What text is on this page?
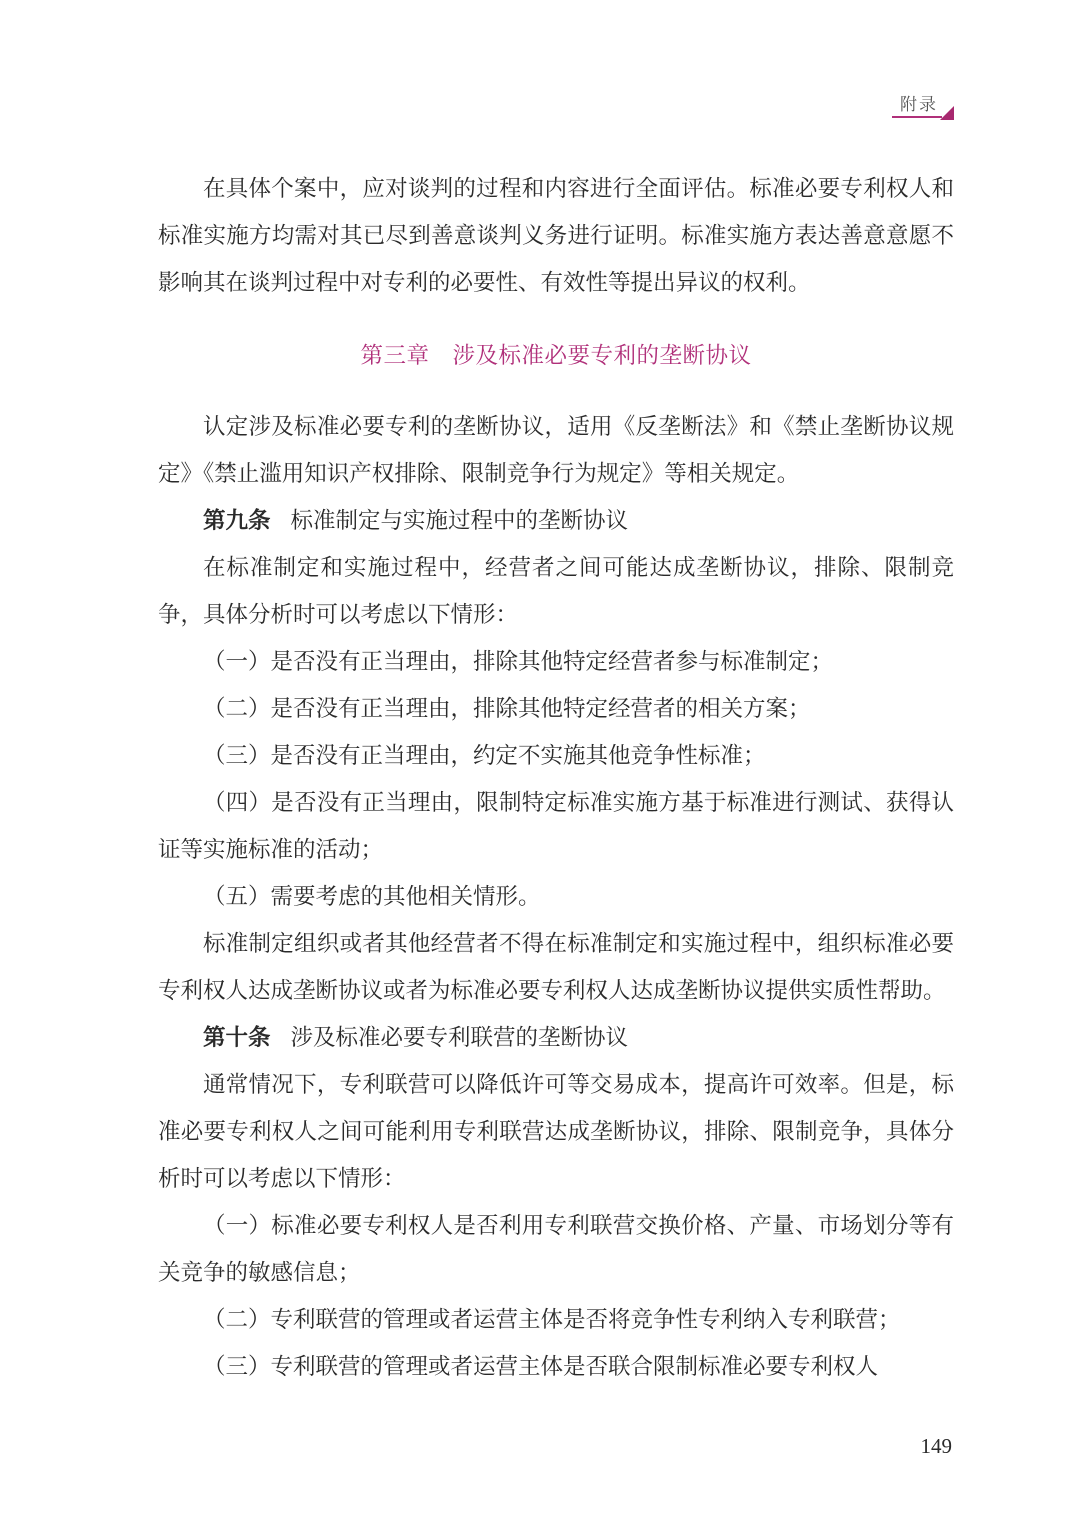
附录

在具体个案中，应对谈判的过程和内容进行全面评估。标准必要专利权人和标准实施方均需对其已尽到善意谈判义务进行证明。标准实施方表达善意意愿不影响其在谈判过程中对专利的必要性、有效性等提出异议的权利。

第三章　涉及标准必要专利的垄断协议

认定涉及标准必要专利的垄断协议，适用《反垄断法》和《禁止垄断协议规定》《禁止滥用知识产权排除、限制竞争行为规定》等相关规定。

第九条 标准制定与实施过程中的垄断协议

在标准制定和实施过程中，经营者之间可能达成垄断协议，排除、限制竞争，具体分析时可以考虑以下情形：

（一）是否没有正当理由，排除其他特定经营者参与标准制定；

（二）是否没有正当理由，排除其他特定经营者的相关方案；

（三）是否没有正当理由，约定不实施其他竞争性标准；

（四）是否没有正当理由，限制特定标准实施方基于标准进行测试、获得认证等实施标准的活动；

（五）需要考虑的其他相关情形。

标准制定组织或者其他经营者不得在标准制定和实施过程中，组织标准必要专利权人达成垄断协议或者为标准必要专利权人达成垄断协议提供实质性帮助。

第十条 涉及标准必要专利联营的垄断协议

通常情况下，专利联营可以降低许可等交易成本，提高许可效率。但是，标准必要专利权人之间可能利用专利联营达成垄断协议，排除、限制竞争，具体分析时可以考虑以下情形：

（一）标准必要专利权人是否利用专利联营交换价格、产量、市场划分等有关竞争的敏感信息；

（二）专利联营的管理或者运营主体是否将竞争性专利纳入专利联营；

（三）专利联营的管理或者运营主体是否联合限制标准必要专利权人

149
